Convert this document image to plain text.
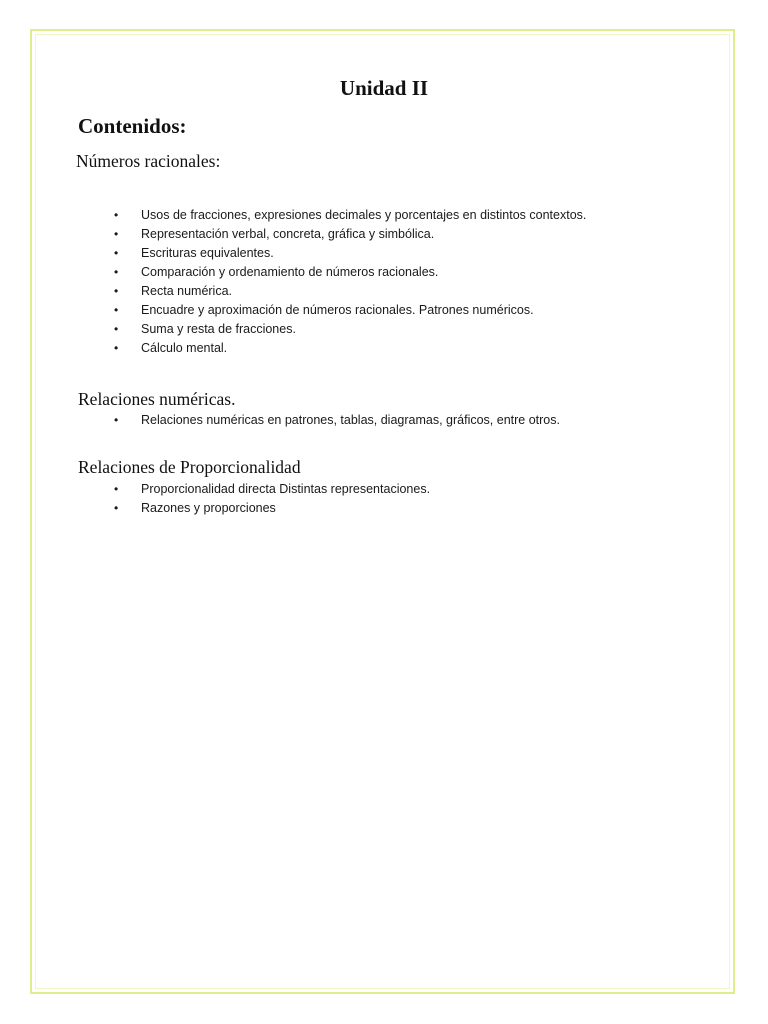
Unidad II
Contenidos:
Números racionales:
• Usos de fracciones, expresiones decimales y porcentajes en distintos contextos.
• Representación verbal, concreta, gráfica y simbólica.
• Escrituras equivalentes.
• Comparación y ordenamiento de números racionales.
• Recta numérica.
• Encuadre y aproximación de números racionales. Patrones numéricos.
• Suma y resta de fracciones.
• Cálculo mental.
Relaciones numéricas.
• Relaciones numéricas en patrones, tablas, diagramas, gráficos, entre otros.
Relaciones de Proporcionalidad
• Proporcionalidad directa Distintas representaciones.
• Razones y proporciones
